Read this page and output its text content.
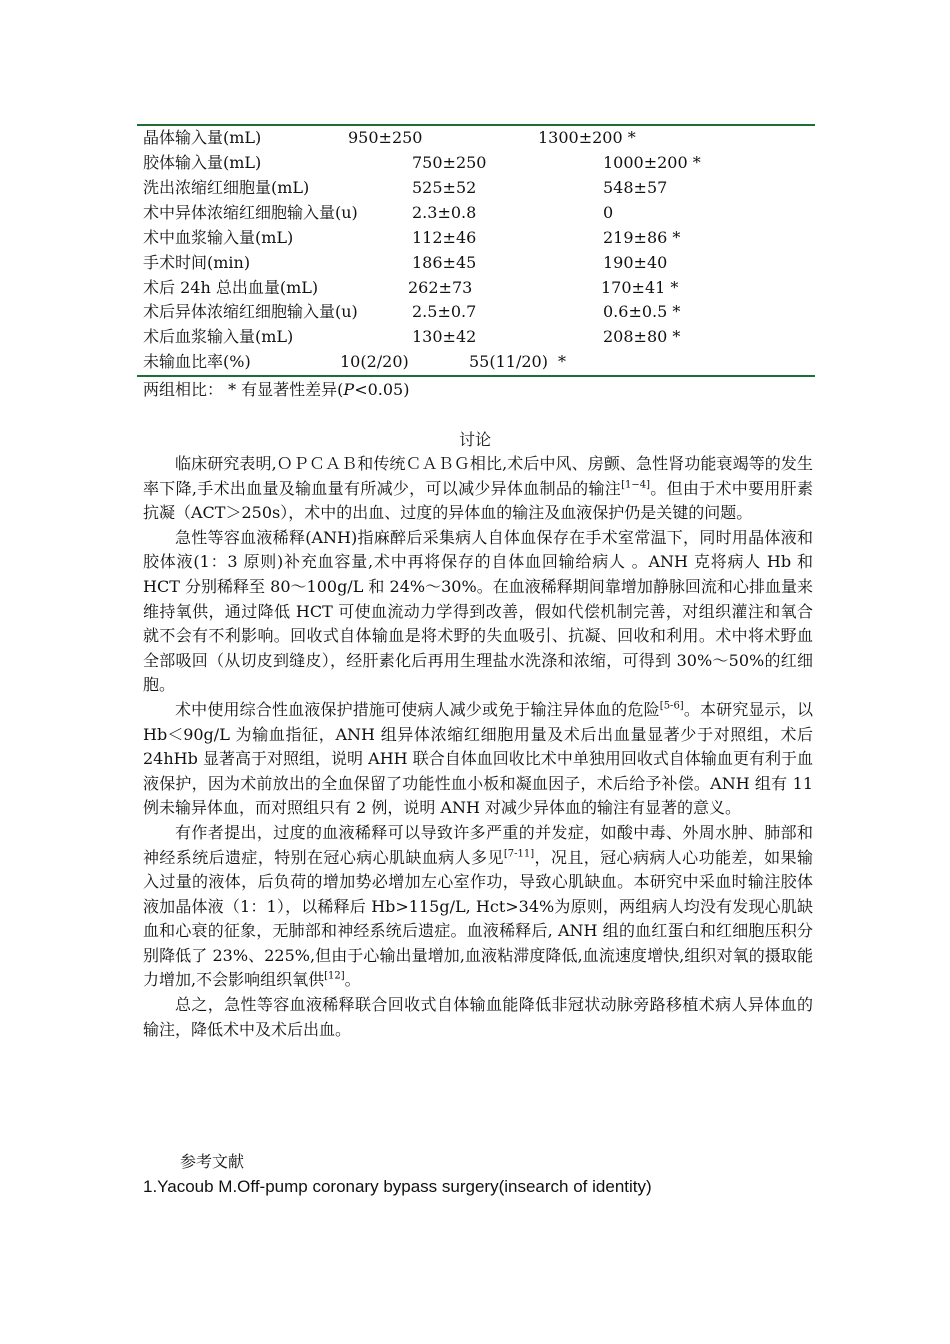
晶体输入量(mL)	950±250	1300±200 *
胶体输入量(mL)	750±250	1000±200 *
洗出浓缩红细胞量(mL)	525±52	548±57
术中异体浓缩红细胞输入量(u)	2.3±0.8	0
术中血浆输入量(mL)	112±46	219±86 *
手术时间(min)	186±45	190±40
术后 24h 总出血量(mL)	262±73	170±41 *
术后异体浓缩红细胞输入量(u)	2.5±0.7	0.6±0.5 *
术后血浆输入量(mL)	130±42	208±80 *
未输血比率(%)	10(2/20)	55(11/20) *
两组相比： * 有显著性差异(P<0.05)
讨论

临床研究表明,ＯＰＣＡＢ和传统ＣＡＢＧ相比,术后中风、房颤、急性肾功能衰竭等的发生率下降,手术出血量及输血量有所减少，可以减少异体血制品的输注[1−4]。但由于术中要用肝素抗凝（ACT＞250s），术中的出血、过度的异体血的输注及血液保护仍是关键的问题。

急性等容血液稀释(ANH)指麻醉后采集病人自体血保存在手术室常温下，同时用晶体液和胶体液(1：3 原则)补充血容量,术中再将保存的自体血回输给病人 。ANH 克将病人 Hb 和 HCT 分别稀释至 80～100g/L 和 24%～30%。在血液稀释期间靠增加静脉回流和心排血量来维持氧供，通过降低 HCT 可使血流动力学得到改善，假如代偿机制完善，对组织灌注和氧合就不会有不利影响。回收式自体输血是将术野的失血吸引、抗凝、回收和利用。术中将术野血全部吸回（从切皮到缝皮），经肝素化后再用生理盐水洗涤和浓缩，可得到 30%～50%的红细胞。

术中使用综合性血液保护措施可使病人减少或免于输注异体血的危险[5-6]。本研究显示，以 Hb＜90g/L 为输血指征，ANH 组异体浓缩红细胞用量及术后出血量显著少于对照组，术后 24hHb 显著高于对照组，说明 AHH 联合自体血回收比术中单独用回收式自体输血更有利于血液保护，因为术前放出的全血保留了功能性血小板和凝血因子，术后给予补偿。ANH 组有 11 例未输异体血，而对照组只有 2 例，说明 ANH 对减少异体血的输注有显著的意义。

有作者提出，过度的血液稀释可以导致许多严重的并发症，如酸中毒、外周水肿、肺部和神经系统后遗症，特别在冠心病心肌缺血病人多见[7-11]，况且，冠心病病人心功能差，如果输入过量的液体，后负荷的增加势必增加左心室作功，导致心肌缺血。本研究中采血时输注胶体液加晶体液（1：1），以稀释后 Hb>115g/L, Hct>34%为原则，两组病人均没有发现心肌缺血和心衰的征象，无肺部和神经系统后遗症。血液稀释后, ANH 组的血红蛋白和红细胞压积分别降低了 23%、225%,但由于心输出量增加,血液粘滞度降低,血流速度增快,组织对氧的摄取能力增加,不会影响组织氧供[12]。

总之，急性等容血液稀释联合回收式自体输血能降低非冠状动脉旁路移植术病人异体血的输注，降低术中及术后出血。

参考文献
1.Yacoub M.Off-pump coronary bypass surgery(insearch of identity)
